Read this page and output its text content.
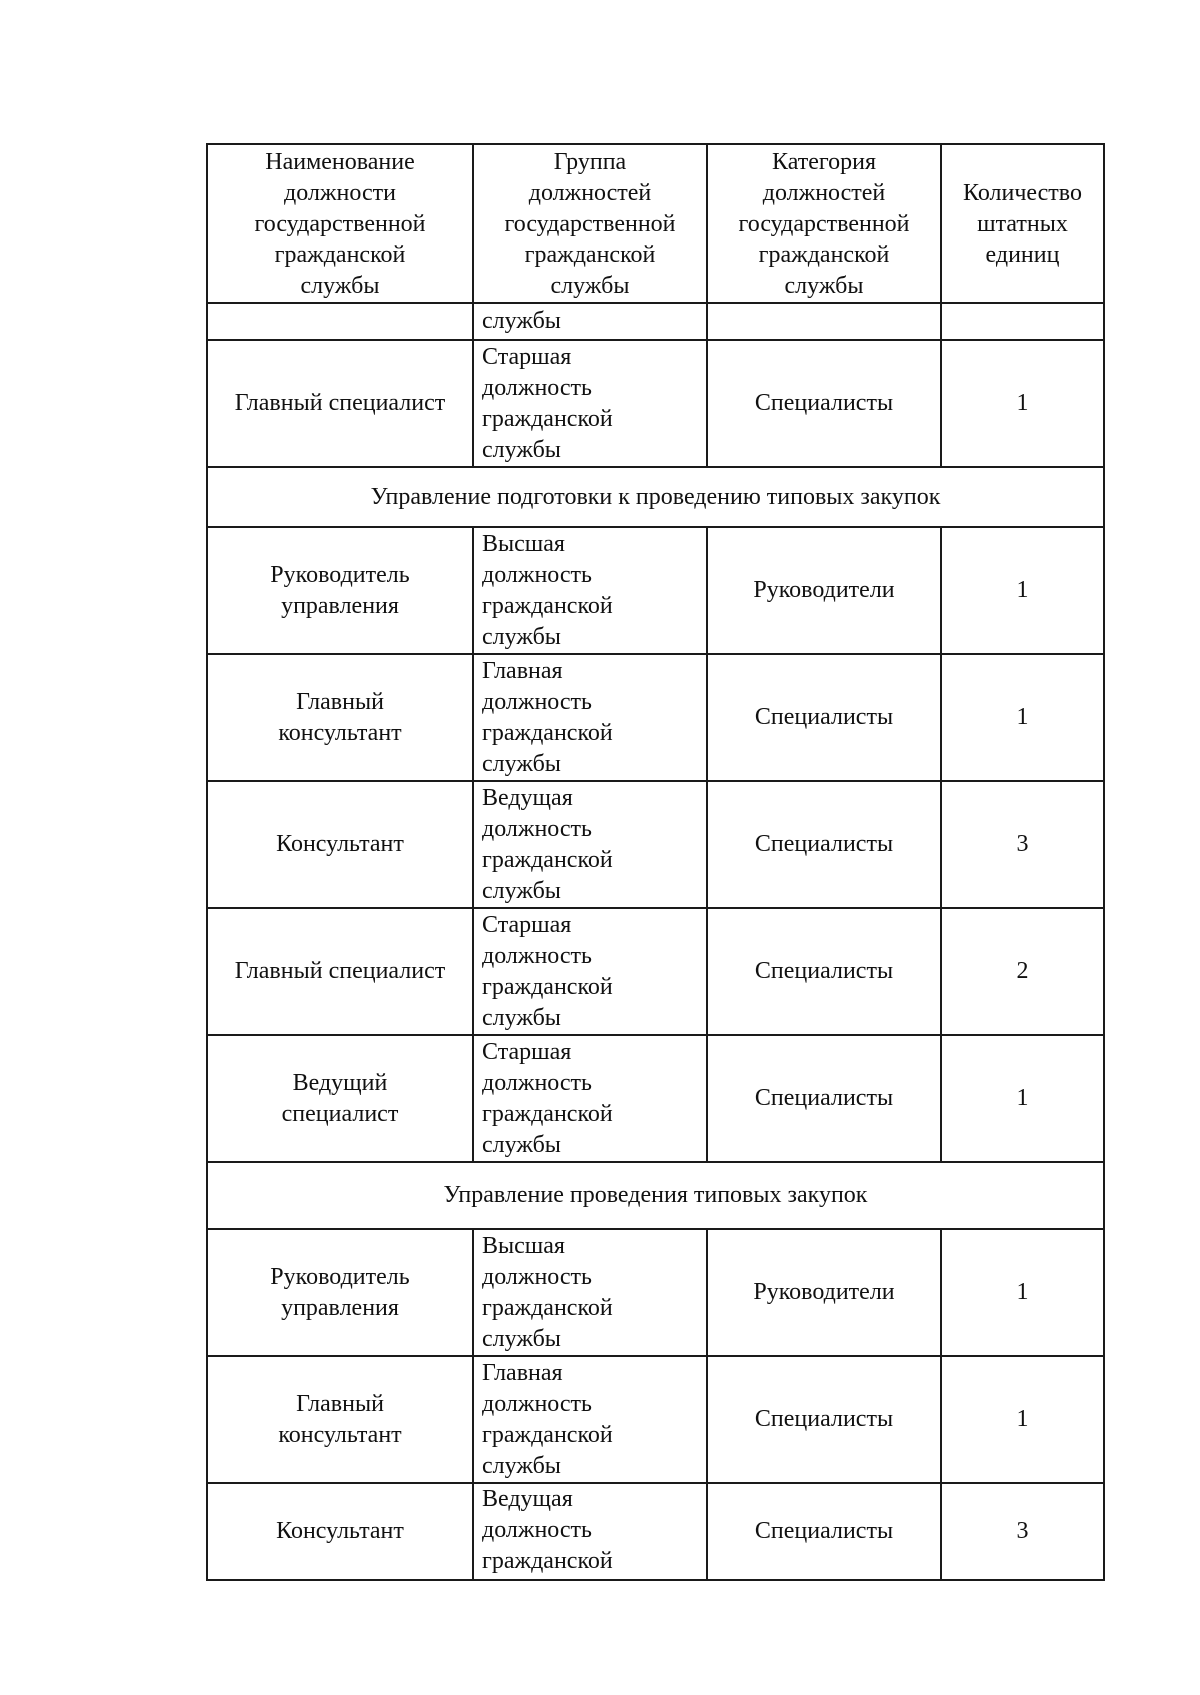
Наименование
должности
государственной
гражданской
службы	Группа
должностей
государственной
гражданской
службы	Категория
должностей
государственной
гражданской
службы	Количество
штатных
единиц

	службы		

Главный специалист	Старшая
должность
гражданской
службы	Специалисты	1
Управление подготовки к проведению типовых закупок			

Руководитель
управления	Высшая
должность
гражданской
службы	Руководители	1

Главный
консультант	Главная
должность
гражданской
службы	Специалисты	1

Консультант	Ведущая
должность
гражданской
службы	Специалисты	3

Главный специалист	Старшая
должность
гражданской
службы	Специалисты	2

Ведущий
специалист	Старшая
должность
гражданской
службы	Специалисты	1
Управление проведения типовых закупок			

Руководитель
управления	Высшая
должность
гражданской
службы	Руководители	1

Главный
консультант	Главная
должность
гражданской
службы	Специалисты	1

Консультант	Ведущая
должность
гражданской	Специалисты	3
